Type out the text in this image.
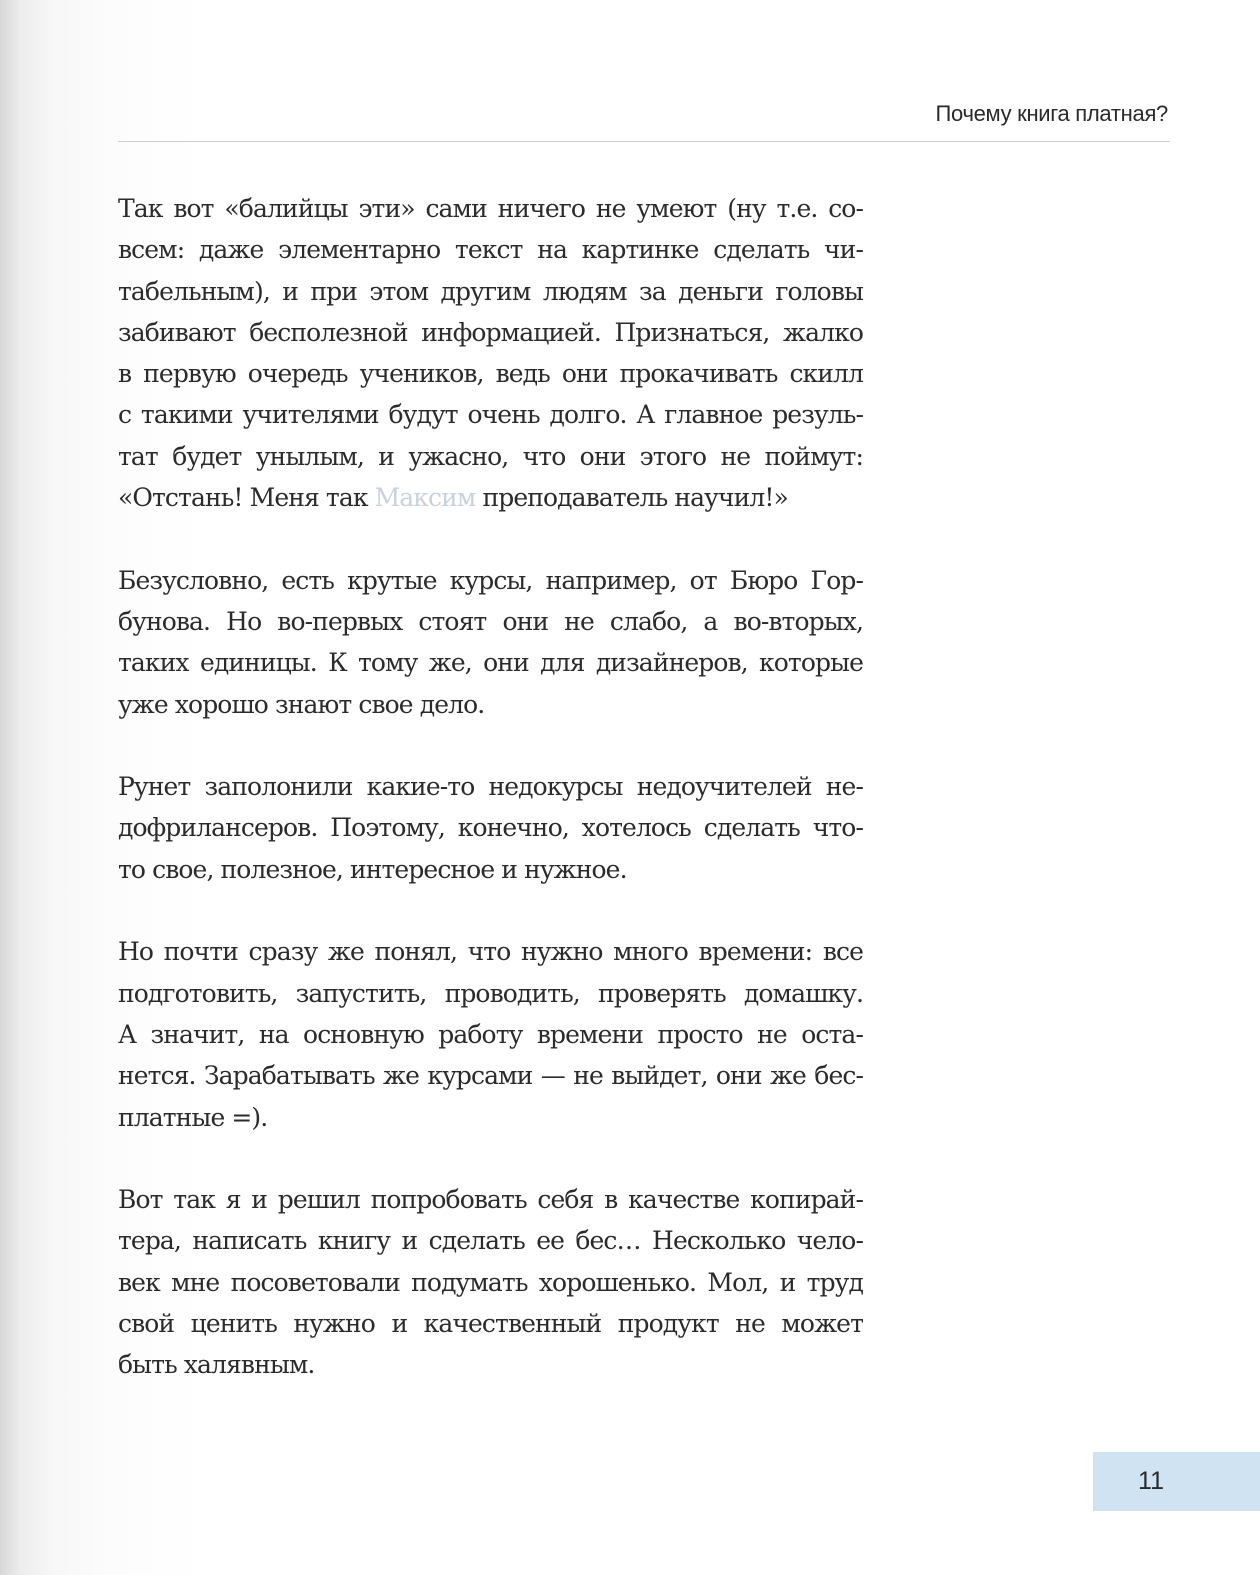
Почему книга платная?
Так вот «балийцы эти» сами ничего не умеют (ну т.е. со-
всем: даже элементарно текст на картинке сделать чи-
табельным), и при этом другим людям за деньги головы
забивают бесполезной информацией. Признаться, жалко
в первую очередь учеников, ведь они прокачивать скилл
с такими учителями будут очень долго. А главное резуль-
тат будет унылым, и ужасно, что они этого не поймут:
«Отстань! Меня так Максим преподаватель научил!»
Безусловно, есть крутые курсы, например, от Бюро Гор-
бунова. Но во-первых стоят они не слабо, а во-вторых,
таких единицы. К тому же, они для дизайнеров, которые
уже хорошо знают свое дело.
Рунет заполонили какие-то недокурсы недоучителей не-
дофрилансеров. Поэтому, конечно, хотелось сделать что-
то свое, полезное, интересное и нужное.
Но почти сразу же понял, что нужно много времени: все
подготовить, запустить, проводить, проверять домашку.
А значит, на основную работу времени просто не оста-
нется. Зарабатывать же курсами — не выйдет, они же бес-
платные =).
Вот так я и решил попробовать себя в качестве копирай-
тера, написать книгу и сделать ее бес… Несколько чело-
век мне посоветовали подумать хорошенько. Мол, и труд
свой ценить нужно и качественный продукт не может
быть халявным.
11
